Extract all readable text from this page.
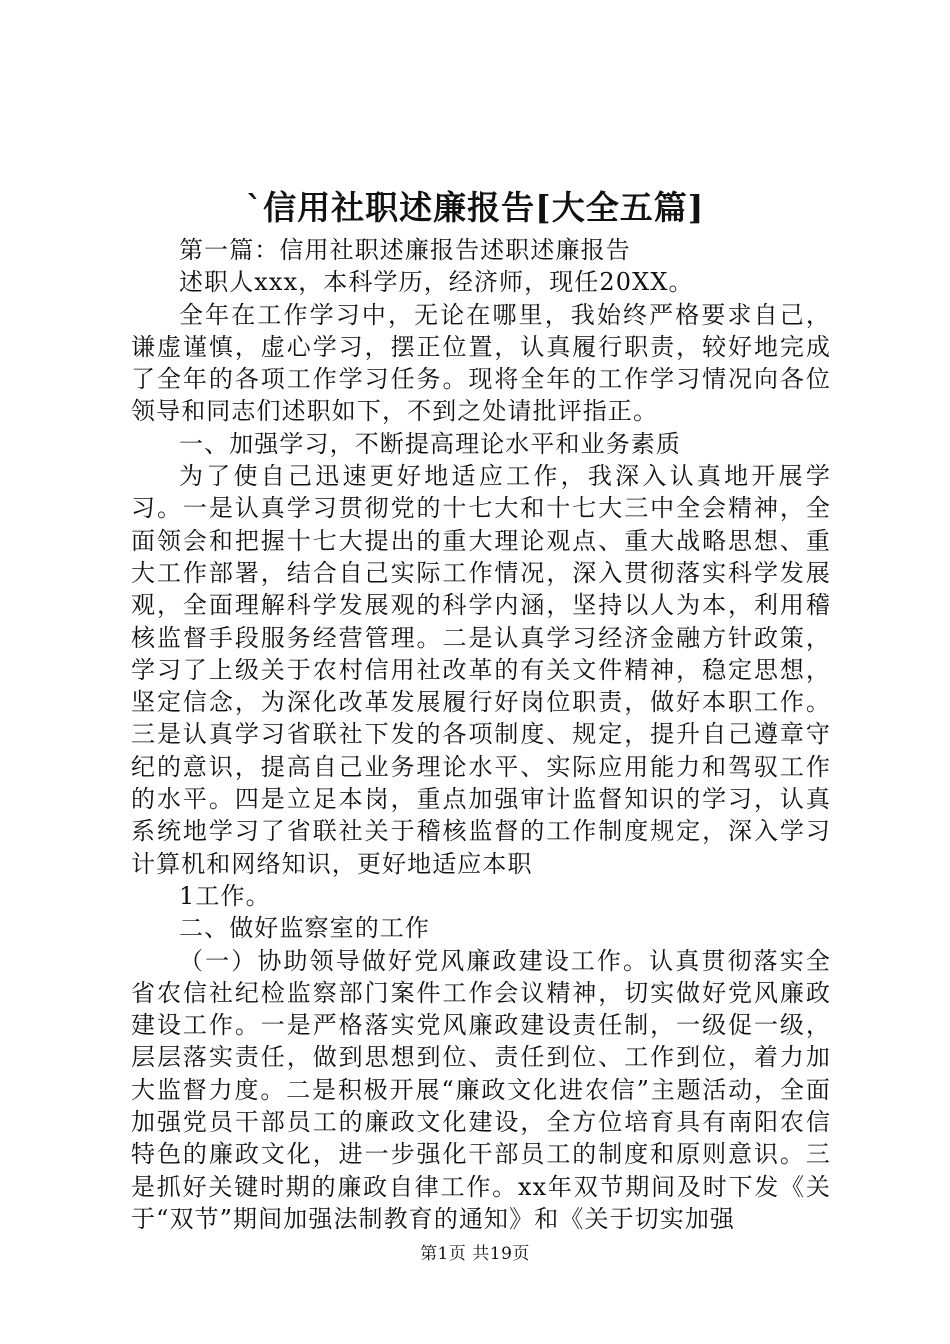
`信用社职述廉报告[大全五篇]

第一篇：信用社职述廉报告述职述廉报告

述职人xxx，本科学历，经济师，现任20XX。

全年在工作学习中，无论在哪里，我始终严格要求自己，谦虚谨慎，虚心学习，摆正位置，认真履行职责，较好地完成了全年的各项工作学习任务。现将全年的工作学习情况向各位领导和同志们述职如下，不到之处请批评指正。

一、加强学习，不断提高理论水平和业务素质

为了使自己迅速更好地适应工作，我深入认真地开展学习。一是认真学习贯彻党的十七大和十七大三中全会精神，全面领会和把握十七大提出的重大理论观点、重大战略思想、重大工作部署，结合自己实际工作情况，深入贯彻落实科学发展观，全面理解科学发展观的科学内涵，坚持以人为本，利用稽核监督手段服务经营管理。二是认真学习经济金融方针政策，学习了上级关于农村信用社改革的有关文件精神，稳定思想，坚定信念，为深化改革发展履行好岗位职责，做好本职工作。三是认真学习省联社下发的各项制度、规定，提升自己遵章守纪的意识，提高自己业务理论水平、实际应用能力和驾驭工作的水平。四是立足本岗，重点加强审计监督知识的学习，认真系统地学习了省联社关于稽核监督的工作制度规定，深入学习计算机和网络知识，更好地适应本职

1工作。

二、做好监察室的工作

（一）协助领导做好党风廉政建设工作。认真贯彻落实全省农信社纪检监察部门案件工作会议精神，切实做好党风廉政建设工作。一是严格落实党风廉政建设责任制，一级促一级，层层落实责任，做到思想到位、责任到位、工作到位，着力加大监督力度。二是积极开展“廉政文化进农信”主题活动，全面加强党员干部员工的廉政文化建设，全方位培育具有南阳农信特色的廉政文化，进一步强化干部员工的制度和原则意识。三是抓好关键时期的廉政自律工作。xx年双节期间及时下发《关于“双节”期间加强法制教育的通知》和《关于切实加强

第1页 共19页
